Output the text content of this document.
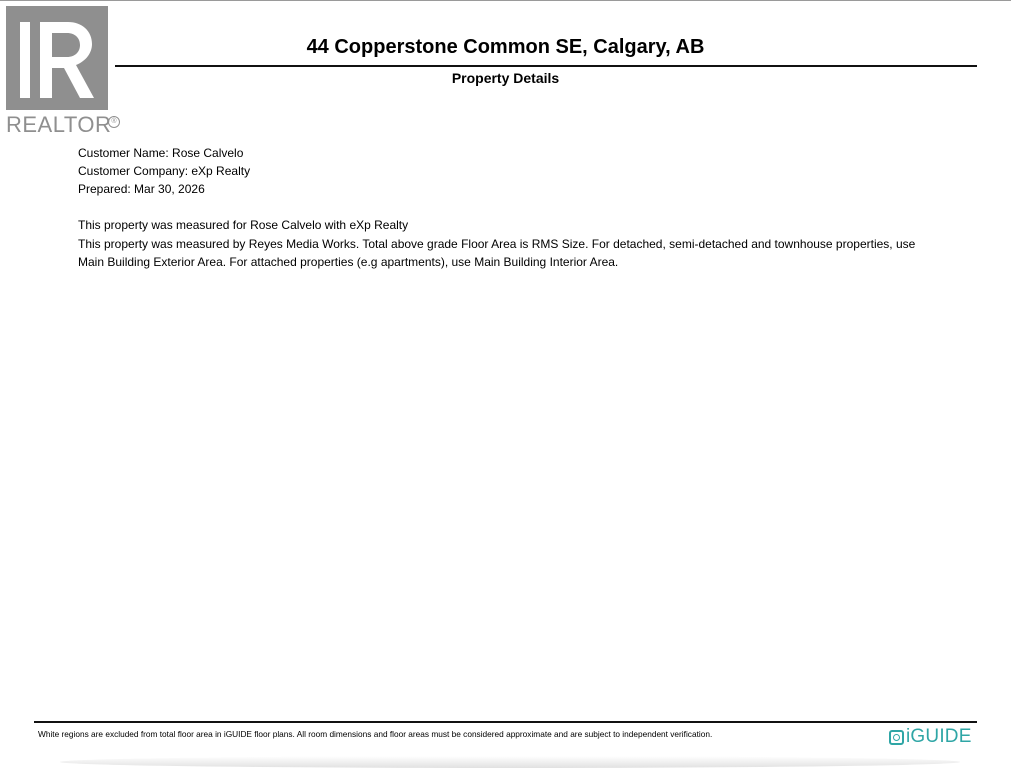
REALTOR ®
44 Copperstone Common SE, Calgary, AB
Property Details
Customer Name: Rose Calvelo
Customer Company: eXp Realty
Prepared: Mar 30, 2026
This property was measured for Rose Calvelo with eXp Realty
This property was measured by Reyes Media Works. Total above grade Floor Area is RMS Size. For detached, semi-detached and townhouse properties, use
Main Building Exterior Area. For attached properties (e.g apartments), use Main Building Interior Area.
White regions are excluded from total floor area in iGUIDE floor plans. All room dimensions and floor areas must be considered approximate and are subject to independent verification.	iGUIDE
